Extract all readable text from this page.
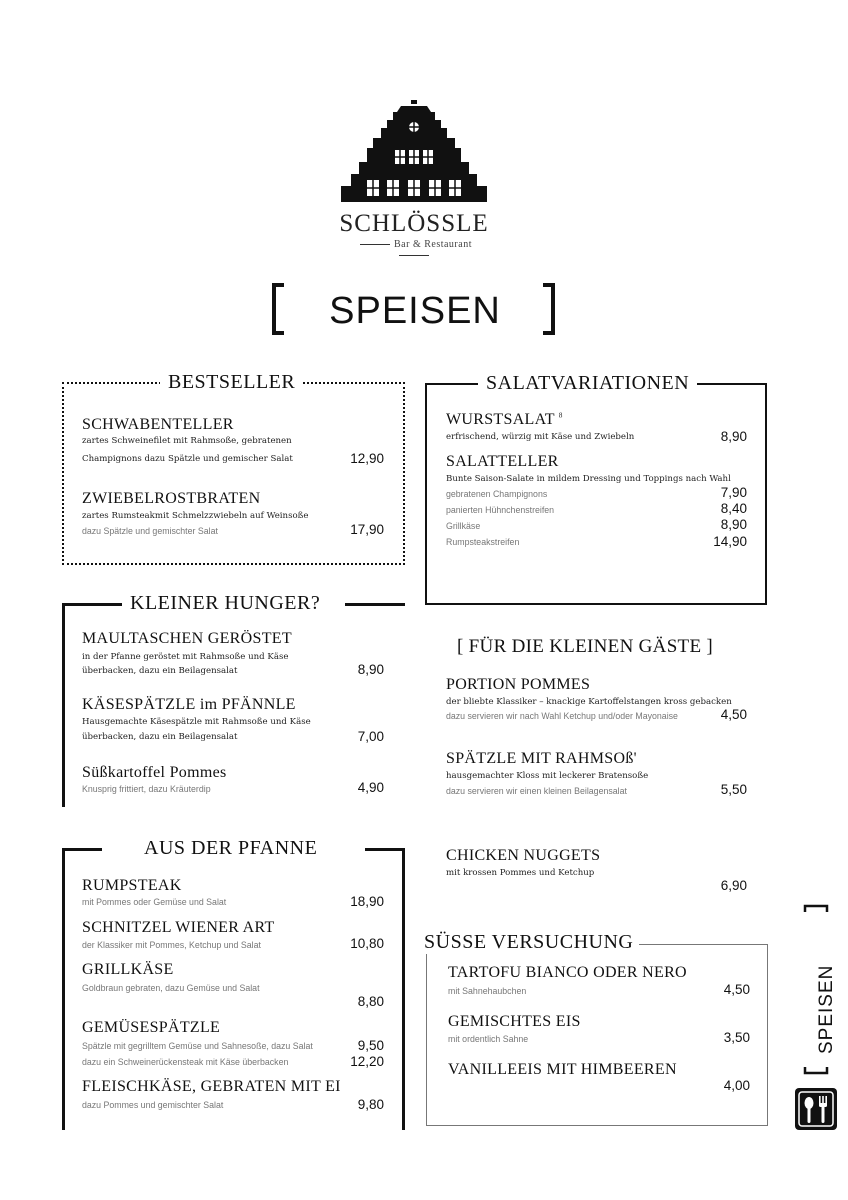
SCHLÖSSLE
Bar & Restaurant
SPEISEN
BESTSELLER
SCHWABENTELLER
zartes Schweinefilet mit Rahmsoße, gebratenen
Champignons dazu Spätzle und gemischer Salat	12,90
ZWIEBELROSTBRATEN
zartes Rumsteakmit Schmelzzwiebeln auf Weinsoße
dazu Spätzle und gemischter Salat	17,90
SALATVARIATIONEN
WURSTSALAT $^8$
erfrischend, würzig mit Käse und Zwiebeln	8,90
SALATTELLER
Bunte Saison-Salate in mildem Dressing und Toppings nach Wahl
gebratenen Champignons	7,90
panierten Hühnchenstreifen	8,40
Grillkäse	8,90
Rumpsteakstreifen	14,90
KLEINER HUNGER?
MAULTASCHEN GERÖSTET
in der Pfanne geröstet mit Rahmsoße und Käse
überbacken, dazu ein Beilagensalat	8,90
KÄSESPÄTZLE im PFÄNNLE
Hausgemachte Käsespätzle mit Rahmsoße und Käse
überbacken, dazu ein Beilagensalat	7,00
Süßkartoffel Pommes
Knusprig frittiert, dazu Kräuterdip	4,90
[ FÜR DIE KLEINEN GÄSTE ]
PORTION POMMES
der bliebte Klassiker – knackige Kartoffelstangen kross gebacken
dazu servieren wir nach Wahl Ketchup und/oder Mayonaise	4,50
SPÄTZLE MIT RAHMSOß'
hausgemachter Kloss mit leckerer Bratensoße
dazu servieren wir einen kleinen Beilagensalat	5,50
CHICKEN NUGGETS
mit krossen Pommes und Ketchup
6,90
AUS DER PFANNE
RUMPSTEAK
mit Pommes oder Gemüse und Salat	18,90
SCHNITZEL WIENER ART
der Klassiker mit Pommes, Ketchup und Salat	10,80
GRILLKÄSE
Goldbraun gebraten, dazu Gemüse und Salat
8,80
GEMÜSESPÄTZLE
Spätzle mit gegrilltem Gemüse und Sahnesoße, dazu Salat	9,50
dazu ein Schweinerückensteak mit Käse überbacken	12,20
FLEISCHKÄSE, GEBRATEN MIT EI
dazu Pommes und gemischter Salat	9,80
SÜSSE VERSUCHUNG
TARTOFU BIANCO ODER NERO
mit Sahnehaubchen	4,50
GEMISCHTES EIS
mit ordentlich Sahne	3,50
VANILLEEIS MIT HIMBEEREN
4,00
SPEISEN
